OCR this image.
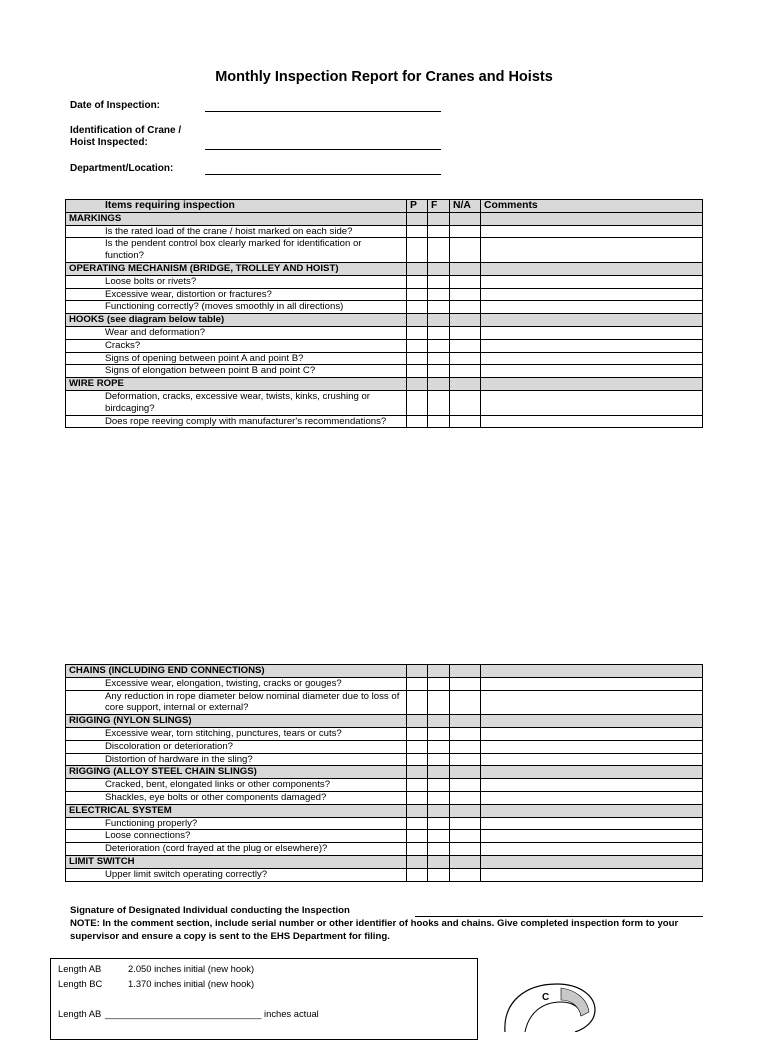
Monthly Inspection Report for Cranes and Hoists
Date of Inspection:
Identification of Crane /
Hoist Inspected:
Department/Location:
Items requiring inspection	P	F	N/A	Comments
MARKINGS				
Is the rated load of the crane / hoist marked on each side?				
Is the pendent control box clearly marked for identification or function?				
OPERATING MECHANISM (BRIDGE, TROLLEY AND HOIST)				
Loose bolts or rivets?				
Excessive wear, distortion or fractures?				
Functioning correctly? (moves smoothly in all directions)				
HOOKS (see diagram below table)				
Wear and deformation?				
Cracks?				
Signs of opening between point A and point B?				
Signs of elongation between point B and point C?				
WIRE ROPE				
Deformation, cracks, excessive wear, twists, kinks, crushing or birdcaging?				
Does rope reeving comply with manufacturer's recommendations?				
CHAINS (INCLUDING END CONNECTIONS)				
Excessive wear, elongation, twisting, cracks or gouges?				
Any reduction in rope diameter below nominal diameter due to loss of core support, internal or external?				
RIGGING (NYLON SLINGS)				
Excessive wear, torn stitching, punctures, tears or cuts?				
Discoloration or deterioration?				
Distortion of hardware in the sling?				
RIGGING (ALLOY STEEL CHAIN SLINGS)				
Cracked, bent, elongated links or other components?				
Shackles, eye bolts or other components damaged?				
ELECTRICAL SYSTEM				
Functioning properly?				
Loose connections?				
Deterioration (cord frayed at the plug or elsewhere)?				
LIMIT SWITCH				
Upper limit switch operating correctly?				
Signature of Designated Individual conducting the Inspection
NOTE: In the comment section, include serial number or other identifier of hooks and chains. Give completed inspection form to your supervisor and ensure a copy is sent to the EHS Department for filing.
Length AB	2.050 inches initial (new hook)
Length BC	1.370 inches initial (new hook)
Length AB ______________________________ inches actual
C
